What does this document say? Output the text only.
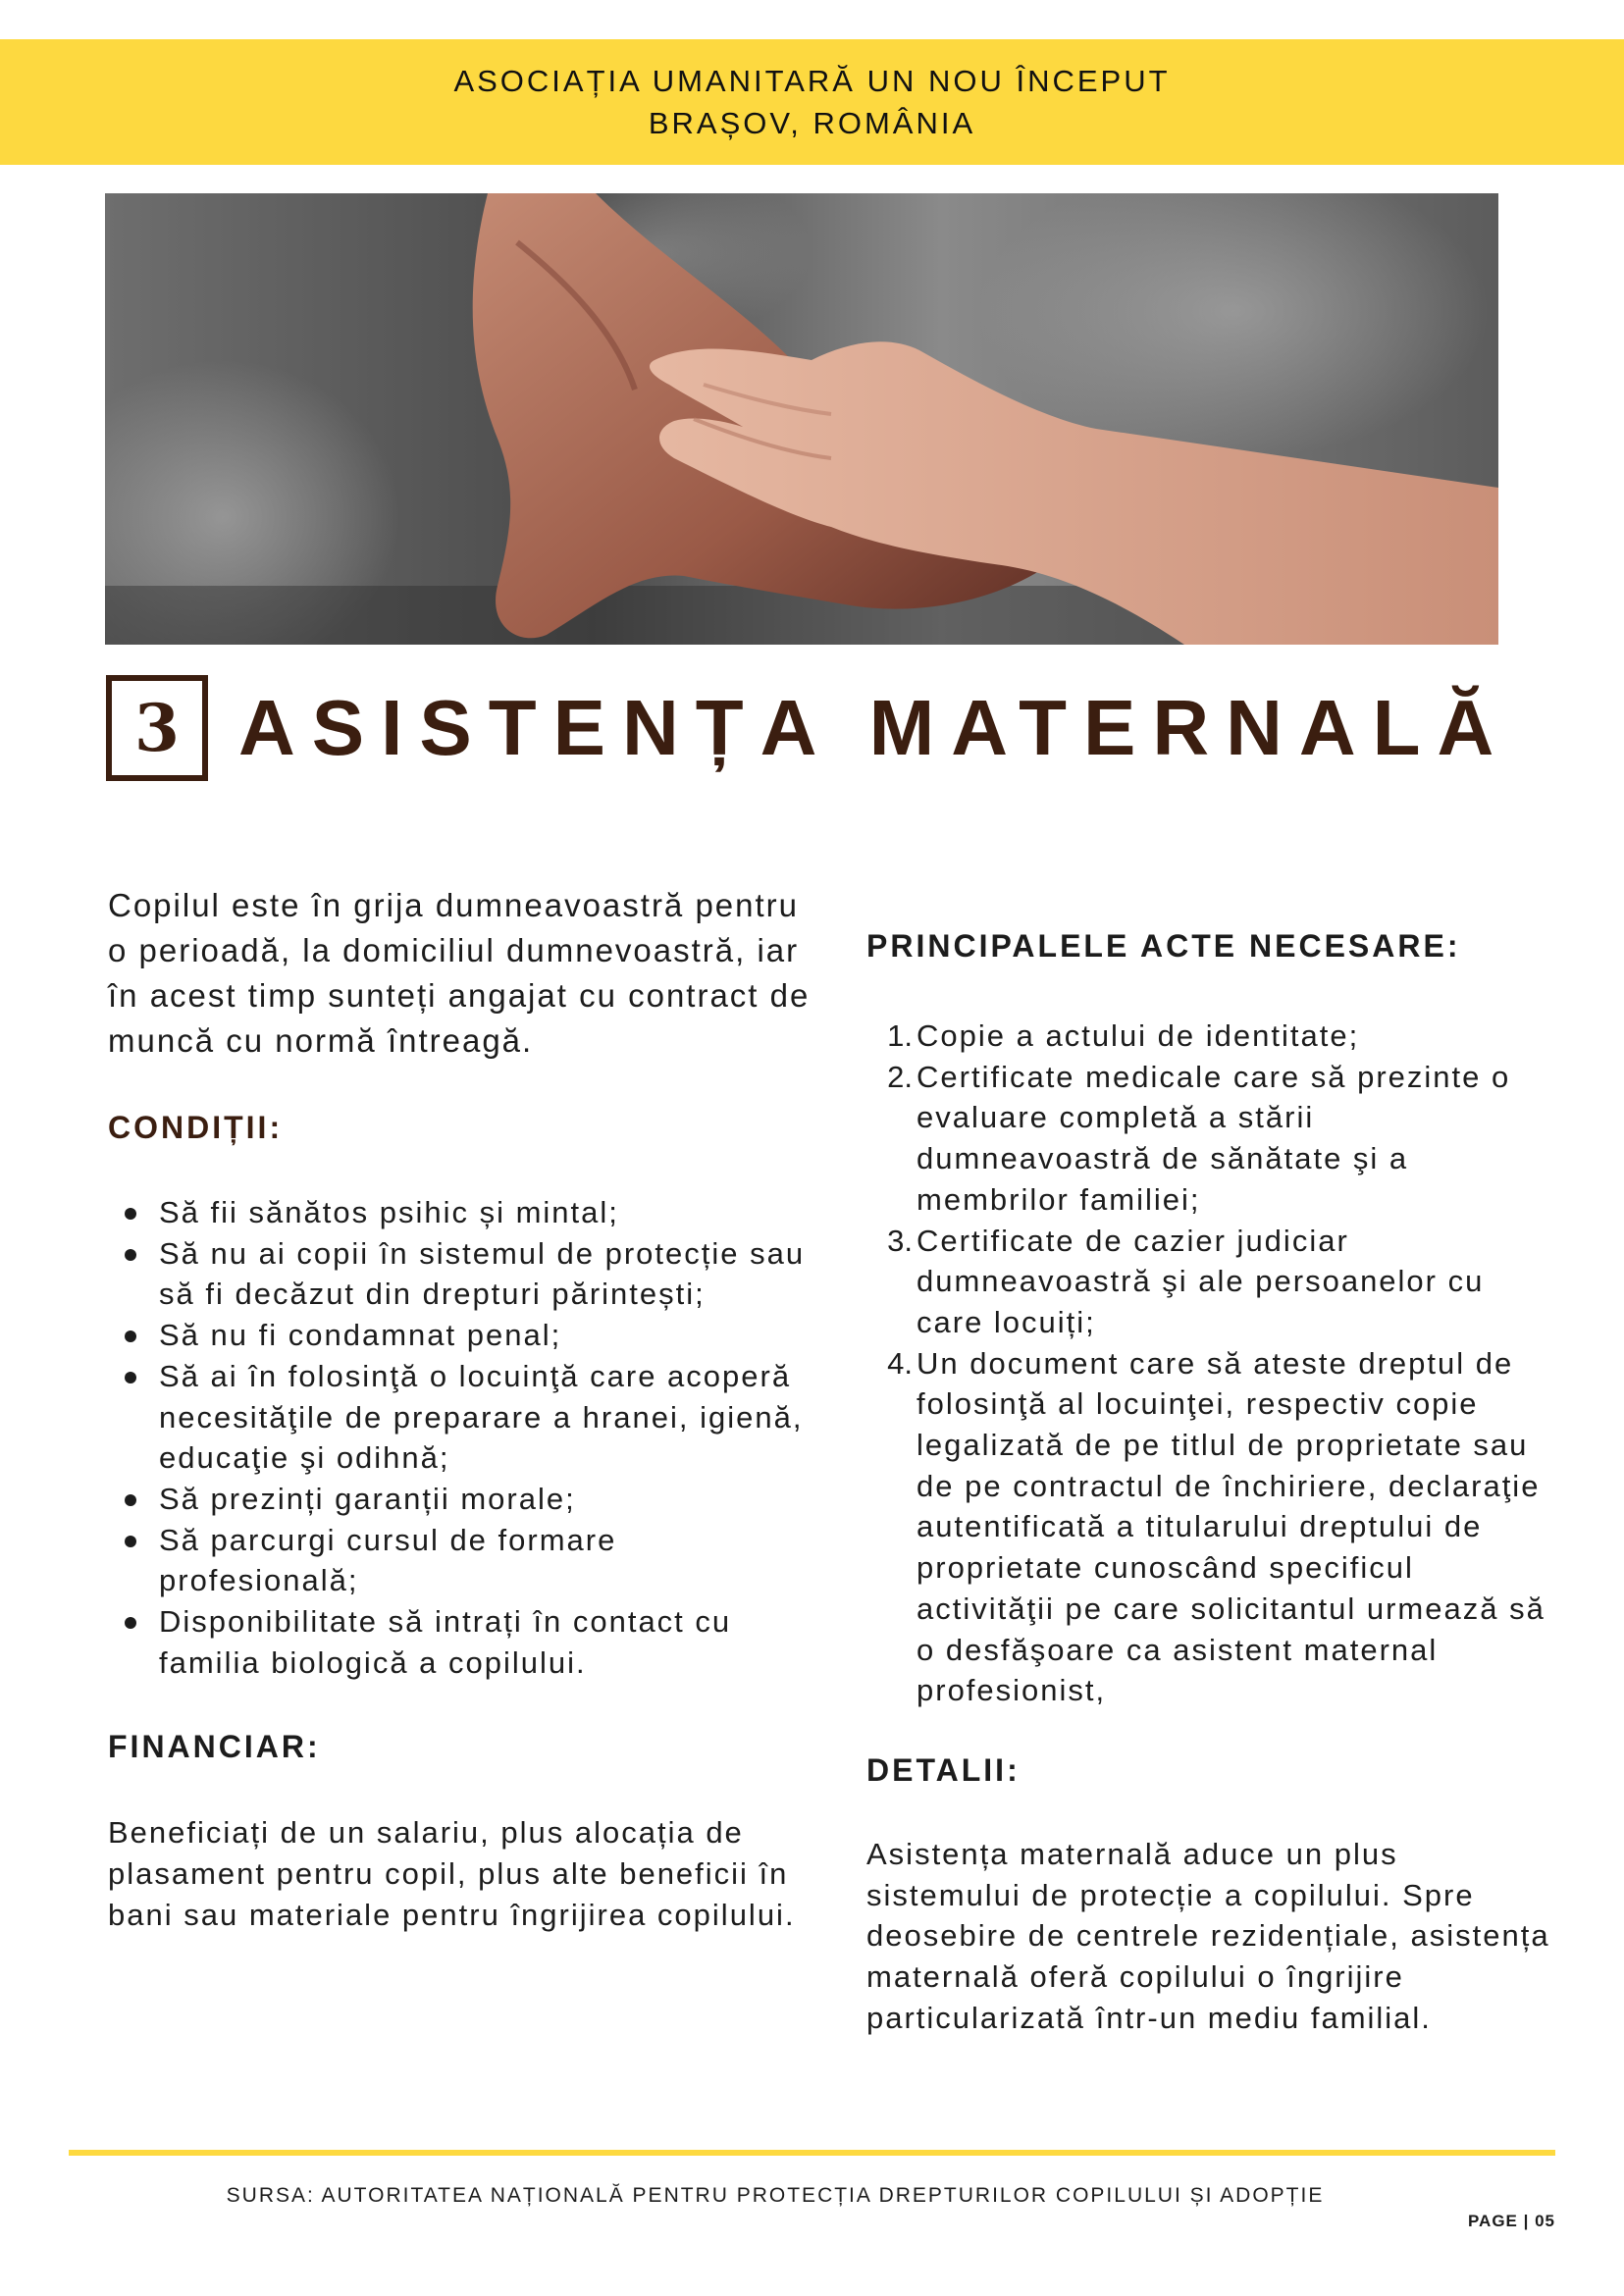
ASOCIAȚIA UMANITARĂ UN NOU ÎNCEPUT
BRAȘOV, ROMÂNIA
3 ASISTENȚA MATERNALĂ

Copilul este în grija dumneavoastră pentru o perioadă, la domiciliul dumnevoastră, iar în acest timp sunteți angajat cu contract de muncă cu normă întreagă.

CONDIȚII:

Să fii sănătos psihic și mintal;
Să nu ai copii în sistemul de protecție sau să fi decăzut din drepturi părintești;
Să nu fi condamnat penal;
Să ai în folosinţă o locuinţă care acoperă necesităţile de preparare a hranei, igienă, educaţie şi odihnă;
Să prezinți garanții morale;
Să parcurgi cursul de formare profesională;
Disponibilitate să intrați în contact cu familia biologică a copilului.

FINANCIAR:

Beneficiați de un salariu, plus alocația de plasament pentru copil, plus alte beneficii în bani sau materiale pentru îngrijirea copilului.

PRINCIPALELE ACTE NECESARE:

1. Copie a actului de identitate;
2. Certificate medicale care să prezinte o evaluare completă a stării dumneavoastră de sănătate şi a membrilor familiei;
3. Certificate de cazier judiciar dumneavoastră şi ale persoanelor cu care locuiți;
4. Un document care să ateste dreptul de folosinţă al locuinţei, respectiv copie legalizată de pe titlul de proprietate sau de pe contractul de închiriere, declaraţie autentificată a titularului dreptului de proprietate cunoscând specificul activităţii pe care solicitantul urmează să o desfăşoare ca asistent maternal profesionist,

DETALII:

Asistența maternală aduce un plus sistemului de protecție a copilului. Spre deosebire de centrele rezidențiale, asistența maternală oferă copilului o îngrijire particularizată într-un mediu familial.

SURSA: AUTORITATEA NAȚIONALĂ PENTRU PROTECȚIA DREPTURILOR COPILULUI ȘI ADOPȚIE
PAGE | 05
